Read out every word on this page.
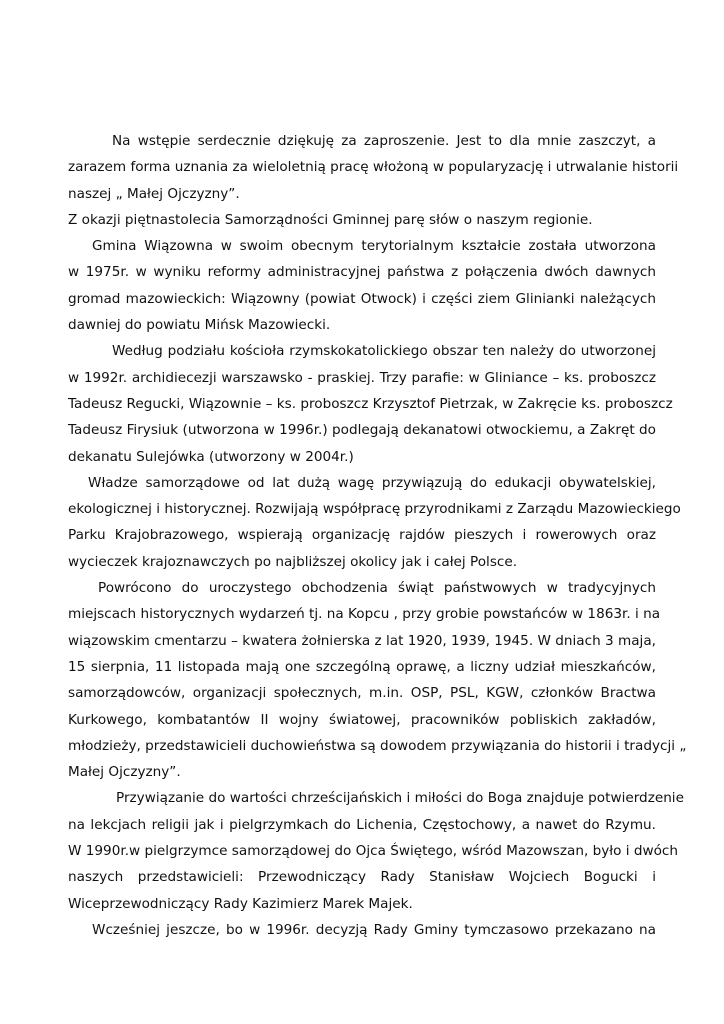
Na wstępie serdecznie dziękuję za zaproszenie. Jest to dla mnie zaszczyt, a
zarazem forma uznania za wieloletnią pracę włożoną w popularyzację i utrwalanie historii
naszej „ Małej Ojczyzny”.
Z okazji piętnastolecia Samorządności Gminnej parę słów o naszym regionie.
Gmina Wiązowna w swoim obecnym terytorialnym kształcie została utworzona
w 1975r. w wyniku reformy administracyjnej państwa z połączenia dwóch dawnych
gromad mazowieckich: Wiązowny (powiat Otwock) i części ziem Glinianki należących
dawniej do powiatu Mińsk Mazowiecki.
Według podziału kościoła rzymskokatolickiego obszar ten należy do utworzonej
w 1992r. archidiecezji warszawsko - praskiej. Trzy parafie: w Gliniance – ks. proboszcz
Tadeusz Regucki, Wiązownie – ks. proboszcz Krzysztof Pietrzak, w Zakręcie ks. proboszcz
Tadeusz Firysiuk (utworzona w 1996r.) podlegają dekanatowi otwockiemu, a Zakręt do
dekanatu Sulejówka (utworzony w 2004r.)
Władze samorządowe od lat dużą wagę przywiązują do edukacji obywatelskiej,
ekologicznej i historycznej. Rozwijają współpracę przyrodnikami z Zarządu Mazowieckiego
Parku Krajobrazowego, wspierają organizację rajdów pieszych i rowerowych oraz
wycieczek krajoznawczych po najbliższej okolicy jak i całej Polsce.
Powrócono do uroczystego obchodzenia świąt państwowych w tradycyjnych
miejscach historycznych wydarzeń tj. na Kopcu , przy grobie powstańców w 1863r. i na
wiązowskim cmentarzu – kwatera żołnierska z lat 1920, 1939, 1945. W dniach 3 maja,
15 sierpnia, 11 listopada mają one szczególną oprawę, a liczny udział mieszkańców,
samorządowców, organizacji społecznych, m.in. OSP, PSL, KGW, członków Bractwa
Kurkowego, kombatantów II wojny światowej, pracowników pobliskich zakładów,
młodzieży, przedstawicieli duchowieństwa są dowodem przywiązania do historii i tradycji „
Małej Ojczyzny”.
Przywiązanie do wartości chrześcijańskich i miłości do Boga znajduje potwierdzenie
na lekcjach religii jak i pielgrzymkach do Lichenia, Częstochowy, a nawet do Rzymu.
W 1990r.w pielgrzymce samorządowej do Ojca Świętego, wśród Mazowszan, było i dwóch
naszych przedstawicieli: Przewodniczący Rady Stanisław Wojciech Bogucki i
Wiceprzewodniczący Rady Kazimierz Marek Majek.
Wcześniej jeszcze, bo w 1996r. decyzją Rady Gminy tymczasowo przekazano na
